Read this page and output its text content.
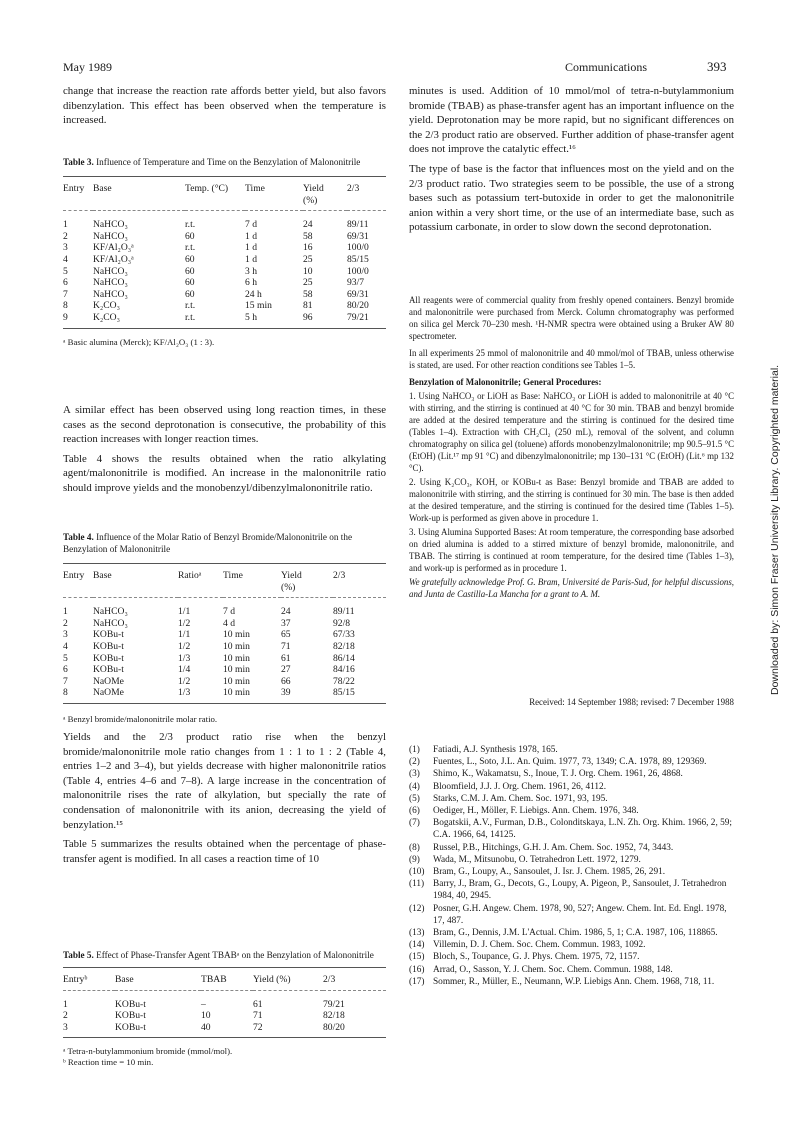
May 1989	Communications	393
Downloaded by: Simon Fraser University Library. Copyrighted material.

change that increase the reaction rate affords better yield, but also favors dibenzylation. This effect has been observed when the temperature is increased.

Table 3. Influence of Temperature and Time on the Benzylation of Malononitrile
Entry	Base	Temp. (°C)	Time	Yield (%)	2/3
1	NaHCO₃	r.t.	7 d	24	89/11
2	NaHCO₃	60	1 d	58	69/31
3	KF/Al₂O₃ᵃ	r.t.	1 d	16	100/0
4	KF/Al₂O₃ᵃ	60	1 d	25	85/15
5	NaHCO₃	60	3 h	10	100/0
6	NaHCO₃	60	6 h	25	93/7
7	NaHCO₃	60	24 h	58	69/31
8	K₂CO₃	r.t.	15 min	81	80/20
9	K₂CO₃	r.t.	5 h	96	79/21
ᵃ Basic alumina (Merck); KF/Al₂O₃ (1 : 3).

A similar effect has been observed using long reaction times, in these cases as the second deprotonation is consecutive, the probability of this reaction increases with longer reaction times.

Table 4 shows the results obtained when the ratio alkylating agent/malononitrile is modified. An increase in the malononitrile ratio should improve yields and the monobenzyl/dibenzylmalononitrile ratio.

Table 4. Influence of the Molar Ratio of Benzyl Bromide/Malononitrile on the Benzylation of Malononitrile
Entry	Base	Ratioᵃ	Time	Yield (%)	2/3
1	NaHCO₃	1/1	7 d	24	89/11
2	NaHCO₃	1/2	4 d	37	92/8
3	KOBu-t	1/1	10 min	65	67/33
4	KOBu-t	1/2	10 min	71	82/18
5	KOBu-t	1/3	10 min	61	86/14
6	KOBu-t	1/4	10 min	27	84/16
7	NaOMe	1/2	10 min	66	78/22
8	NaOMe	1/3	10 min	39	85/15
ᵃ Benzyl bromide/malononitrile molar ratio.

Yields and the 2/3 product ratio rise when the benzyl bromide/malononitrile mole ratio changes from 1 : 1 to 1 : 2 (Table 4, entries 1–2 and 3–4), but yields decrease with higher malononitrile ratios (Table 4, entries 4–6 and 7–8). A large increase in the concentration of malononitrile rises the rate of alkylation, but specially the rate of condensation of malononitrile with its anion, decreasing the yield of benzylation.¹⁵

Table 5 summarizes the results obtained when the percentage of phase-transfer agent is modified. In all cases a reaction time of 10

Table 5. Effect of Phase-Transfer Agent TBABᵃ on the Benzylation of Malononitrile
Entryᵇ	Base	TBAB	Yield (%)	2/3
1	KOBu-t	–	61	79/21
2	KOBu-t	10	71	82/18
3	KOBu-t	40	72	80/20
ᵃ Tetra-n-butylammonium bromide (mmol/mol).
ᵇ Reaction time = 10 min.

minutes is used. Addition of 10 mmol/mol of tetra-n-butylammonium bromide (TBAB) as phase-transfer agent has an important influence on the yield. Deprotonation may be more rapid, but no significant differences on the 2/3 product ratio are observed. Further addition of phase-transfer agent does not improve the catalytic effect.¹⁶

The type of base is the factor that influences most on the yield and on the 2/3 product ratio. Two strategies seem to be possible, the use of a strong bases such as potassium tert-butoxide in order to get the malononitrile anion within a very short time, or the use of an intermediate base, such as potassium carbonate, in order to slow down the second deprotonation.

All reagents were of commercial quality from freshly opened containers. Benzyl bromide and malononitrile were purchased from Merck. Column chromatography was performed on silica gel Merck 70–230 mesh. ¹H-NMR spectra were obtained using a Bruker AW 80 spectrometer.

In all experiments 25 mmol of malononitrile and 40 mmol/mol of TBAB, unless otherwise is stated, are used. For other reaction conditions see Tables 1–5.

Benzylation of Malononitrile; General Procedures:

1. Using NaHCO₃ or LiOH as Base: NaHCO₃ or LiOH is added to malononitrile at 40 °C with stirring, and the stirring is continued at 40 °C for 30 min. TBAB and benzyl bromide are added at the desired temperature and the stirring is continued for the desired time (Tables 1–4). Extraction with CH₂Cl₂ (250 mL), removal of the solvent, and column chromatography on silica gel (toluene) affords monobenzylmalononitrile; mp 90.5–91.5 °C (EtOH) (Lit.¹⁷ mp 91 °C) and dibenzylmalononitrile; mp 130–131 °C (EtOH) (Lit.⁶ mp 132 °C).

2. Using K₂CO₃, KOH, or KOBu-t as Base: Benzyl bromide and TBAB are added to malononitrile with stirring, and the stirring is continued for 30 min. The base is then added at the desired temperature, and the stirring is continued for the desired time (Tables 1–5). Work-up is performed as given above in procedure 1.

3. Using Alumina Supported Bases: At room temperature, the corresponding base adsorbed on dried alumina is added to a stirred mixture of benzyl bromide, malononitrile, and TBAB. The stirring is continued at room temperature, for the desired time (Tables 1–3), and work-up is performed as in procedure 1.

We gratefully acknowledge Prof. G. Bram, Université de Paris-Sud, for helpful discussions, and Junta de Castilla-La Mancha for a grant to A. M.

Received: 14 September 1988; revised: 7 December 1988
(1)	Fatiadi, A.J. Synthesis 1978, 165.
(2)	Fuentes, L., Soto, J.L. An. Quim. 1977, 73, 1349; C.A. 1978, 89, 129369.
(3)	Shimo, K., Wakamatsu, S., Inoue, T. J. Org. Chem. 1961, 26, 4868.
(4)	Bloomfield, J.J. J. Org. Chem. 1961, 26, 4112.
(5)	Starks, C.M. J. Am. Chem. Soc. 1971, 93, 195.
(6)	Oediger, H., Möller, F. Liebigs. Ann. Chem. 1976, 348.
(7)	Bogatskii, A.V., Furman, D.B., Colonditskaya, L.N. Zh. Org. Khim. 1966, 2, 59; C.A. 1966, 64, 14125.
(8)	Russel, P.B., Hitchings, G.H. J. Am. Chem. Soc. 1952, 74, 3443.
(9)	Wada, M., Mitsunobu, O. Tetrahedron Lett. 1972, 1279.
(10) Bram, G., Loupy, A., Sansoulet, J. Isr. J. Chem. 1985, 26, 291.
(11) Barry, J., Bram, G., Decots, G., Loupy, A. Pigeon, P., Sansoulet, J. Tetrahedron 1984, 40, 2945.
(12) Posner, G.H. Angew. Chem. 1978, 90, 527; Angew. Chem. Int. Ed. Engl. 1978, 17, 487.
(13) Bram, G., Dennis, J.M. L'Actual. Chim. 1986, 5, 1; C.A. 1987, 106, 118865.
(14) Villemin, D. J. Chem. Soc. Chem. Commun. 1983, 1092.
(15) Bloch, S., Toupance, G. J. Phys. Chem. 1975, 72, 1157.
(16) Arrad, O., Sasson, Y. J. Chem. Soc. Chem. Commun. 1988, 148.
(17) Sommer, R., Müller, E., Neumann, W.P. Liebigs Ann. Chem. 1968, 718, 11.
